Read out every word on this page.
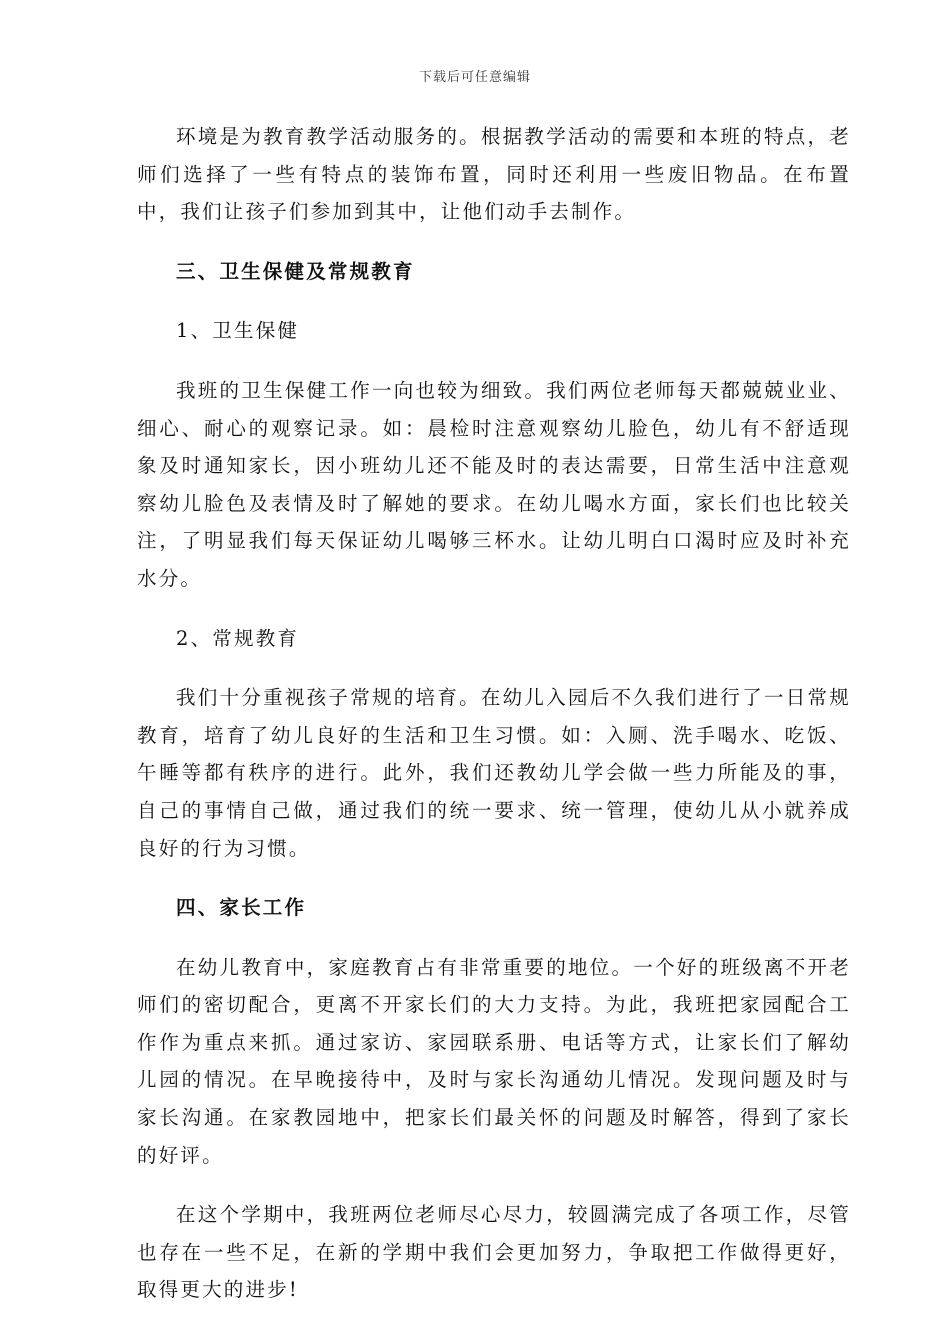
下载后可任意编辑

环境是为教育教学活动服务的。根据教学活动的需要和本班的特点，老师们选择了一些有特点的装饰布置，同时还利用一些废旧物品。在布置中，我们让孩子们参加到其中，让他们动手去制作。

三、卫生保健及常规教育

1、卫生保健

我班的卫生保健工作一向也较为细致。我们两位老师每天都兢兢业业、细心、耐心的观察记录。如：晨检时注意观察幼儿脸色，幼儿有不舒适现象及时通知家长，因小班幼儿还不能及时的表达需要，日常生活中注意观察幼儿脸色及表情及时了解她的要求。在幼儿喝水方面，家长们也比较关注，了明显我们每天保证幼儿喝够三杯水。让幼儿明白口渴时应及时补充水分。

2、常规教育

我们十分重视孩子常规的培育。在幼儿入园后不久我们进行了一日常规教育，培育了幼儿良好的生活和卫生习惯。如：入厕、洗手喝水、吃饭、午睡等都有秩序的进行。此外，我们还教幼儿学会做一些力所能及的事，自己的事情自己做，通过我们的统一要求、统一管理，使幼儿从小就养成良好的行为习惯。

四、家长工作

在幼儿教育中，家庭教育占有非常重要的地位。一个好的班级离不开老师们的密切配合，更离不开家长们的大力支持。为此，我班把家园配合工作作为重点来抓。通过家访、家园联系册、电话等方式，让家长们了解幼儿园的情况。在早晚接待中，及时与家长沟通幼儿情况。发现问题及时与家长沟通。在家教园地中，把家长们最关怀的问题及时解答，得到了家长的好评。

在这个学期中，我班两位老师尽心尽力，较圆满完成了各项工作，尽管也存在一些不足，在新的学期中我们会更加努力，争取把工作做得更好，取得更大的进步!
